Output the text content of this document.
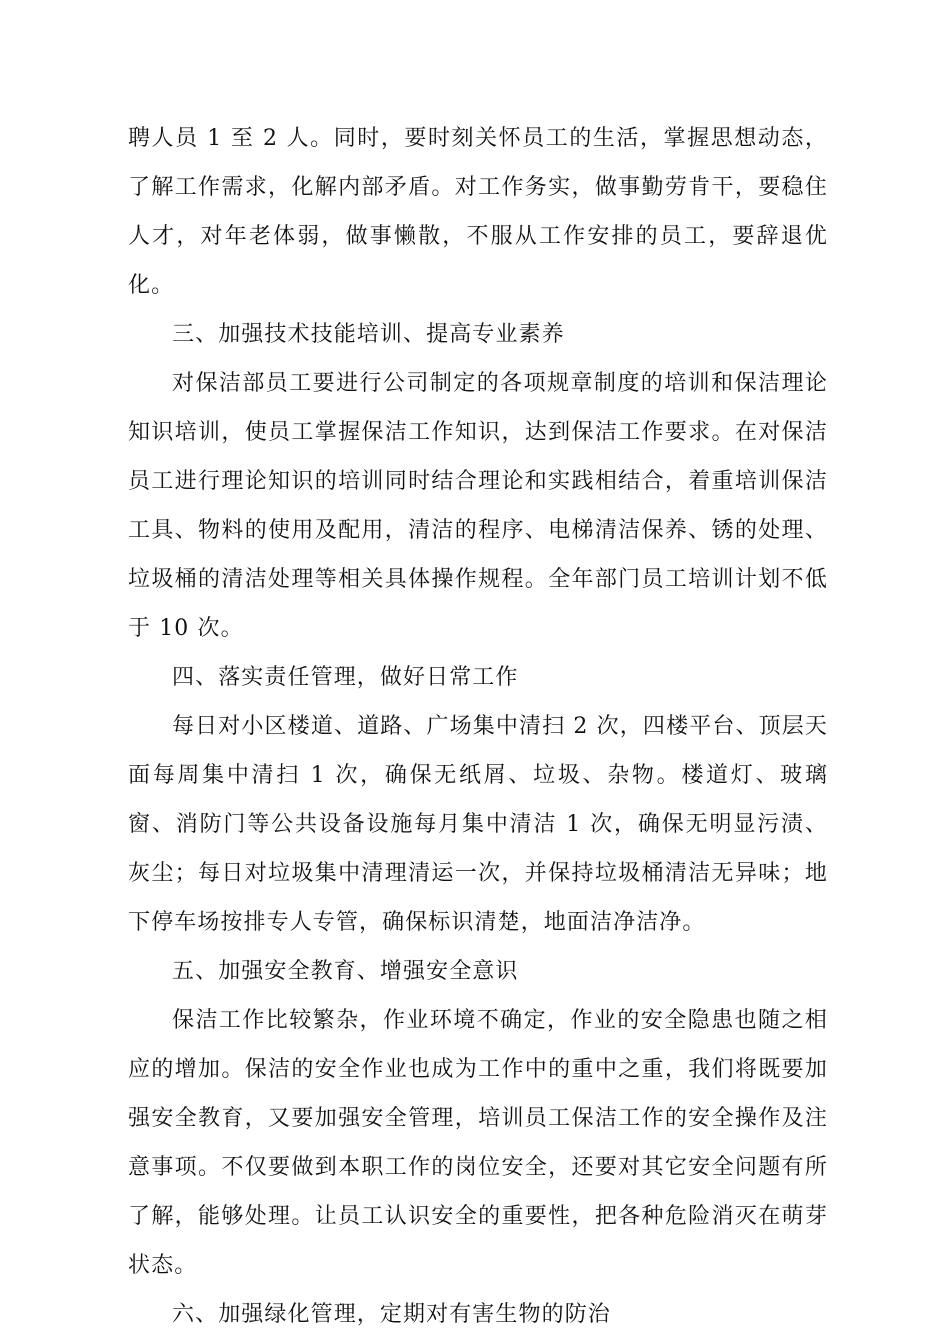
聘人员 1 至 2 人。同时，要时刻关怀员工的生活，掌握思想动态，了解工作需求，化解内部矛盾。对工作务实，做事勤劳肯干，要稳住人才，对年老体弱，做事懒散，不服从工作安排的员工，要辞退优化。

三、加强技术技能培训、提高专业素养

对保洁部员工要进行公司制定的各项规章制度的培训和保洁理论知识培训，使员工掌握保洁工作知识，达到保洁工作要求。在对保洁员工进行理论知识的培训同时结合理论和实践相结合，着重培训保洁工具、物料的使用及配用，清洁的程序、电梯清洁保养、锈的处理、垃圾桶的清洁处理等相关具体操作规程。全年部门员工培训计划不低于 10 次。

四、落实责任管理，做好日常工作

每日对小区楼道、道路、广场集中清扫 2 次，四楼平台、顶层天面每周集中清扫 1 次，确保无纸屑、垃圾、杂物。楼道灯、玻璃窗、消防门等公共设备设施每月集中清洁 1 次，确保无明显污渍、灰尘；每日对垃圾集中清理清运一次，并保持垃圾桶清洁无异味；地下停车场按排专人专管，确保标识清楚，地面洁净洁净。

五、加强安全教育、增强安全意识

保洁工作比较繁杂，作业环境不确定，作业的安全隐患也随之相应的增加。保洁的安全作业也成为工作中的重中之重，我们将既要加强安全教育，又要加强安全管理，培训员工保洁工作的安全操作及注意事项。不仅要做到本职工作的岗位安全，还要对其它安全问题有所了解，能够处理。让员工认识安全的重要性，把各种危险消灭在萌芽状态。

六、加强绿化管理，定期对有害生物的防治
